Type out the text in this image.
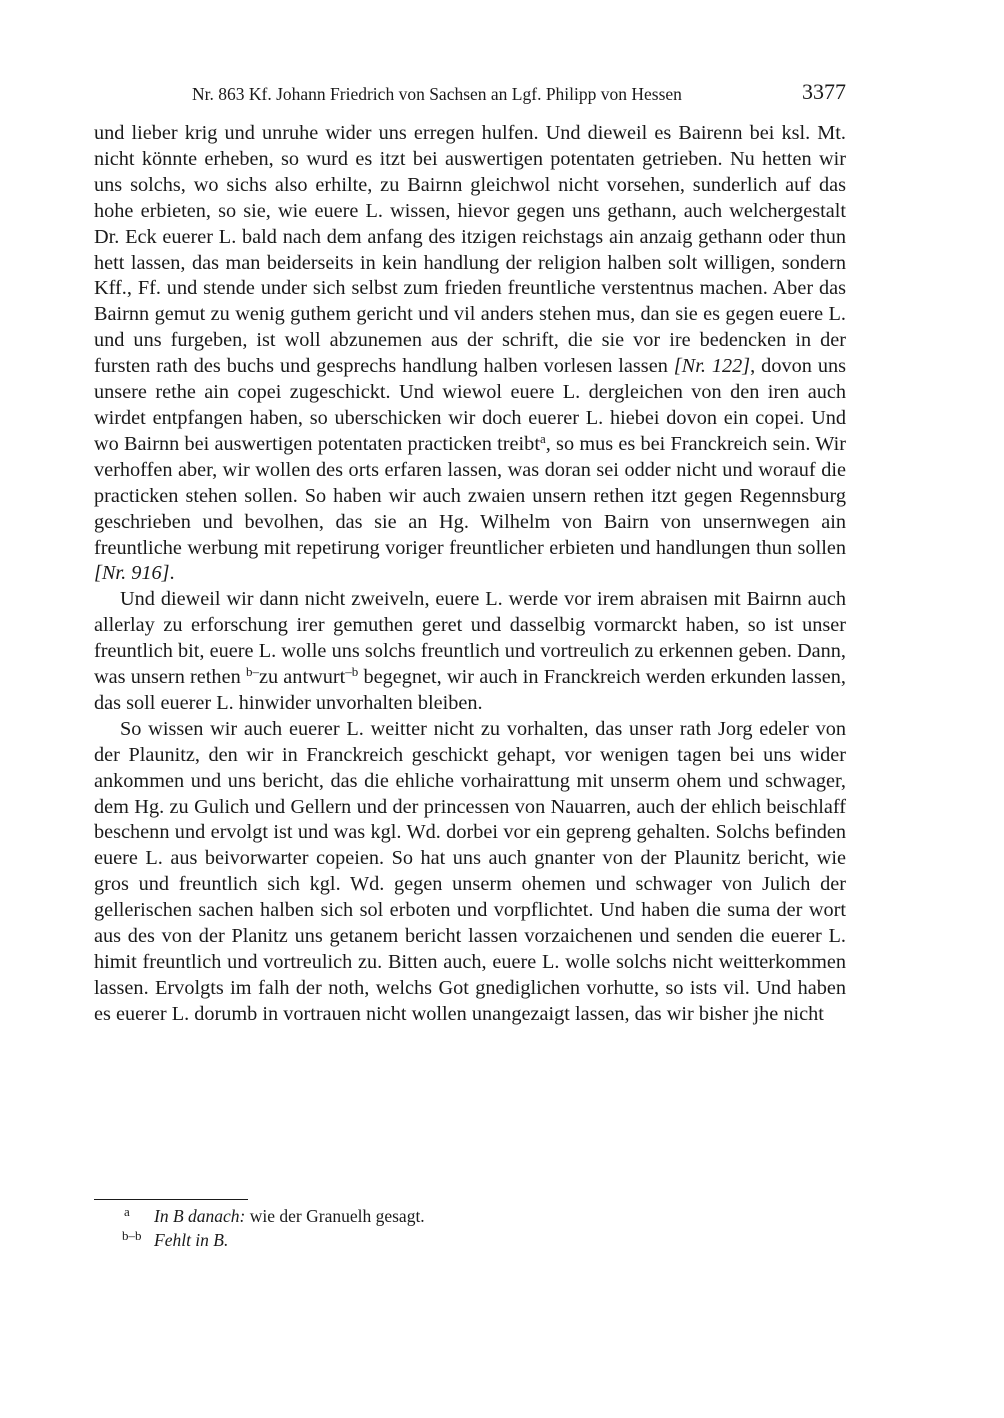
Nr. 863 Kf. Johann Friedrich von Sachsen an Lgf. Philipp von Hessen	3377

und lieber krig und unruhe wider uns erregen hulfen. Und dieweil es Bairenn bei ksl. Mt. nicht könnte erheben, so wurd es itzt bei auswertigen potentaten getrieben. Nu hetten wir uns solchs, wo sichs also erhilte, zu Bairnn gleichwol nicht vorsehen, sunderlich auf das hohe erbieten, so sie, wie euere L. wissen, hievor gegen uns gethann, auch welchergestalt Dr. Eck euerer L. bald nach dem anfang des itzigen reichstags ain anzaig gethann oder thun hett lassen, das man beiderseits in kein handlung der religion halben solt willigen, sondern Kff., Ff. und stende under sich selbst zum frieden freuntliche verstentnus machen. Aber das Bairnn gemut zu wenig guthem gericht und vil anders stehen mus, dan sie es gegen euere L. und uns furgeben, ist woll abzunemen aus der schrift, die sie vor ire bedencken in der fursten rath des buchs und gesprechs handlung halben vorlesen lassen [Nr. 122], dovon uns unsere rethe ain copei zugeschickt. Und wiewol euere L. dergleichen von den iren auch wirdet entpfangen haben, so uberschicken wir doch euerer L. hiebei dovon ein copei. Und wo Bairnn bei auswertigen potentaten practicken treibt$^a$, so mus es bei Franckreich sein. Wir verhoffen aber, wir wollen des orts erfaren lassen, was doran sei odder nicht und worauf die practicken stehen sollen. So haben wir auch zwaien unsern rethen itzt gegen Regennsburg geschrieben und bevolhen, das sie an Hg. Wilhelm von Bairn von unsernwegen ain freuntliche werbung mit repetirung voriger freuntlicher erbieten und handlungen thun sollen [Nr. 916].

Und dieweil wir dann nicht zweiveln, euere L. werde vor irem abraisen mit Bairnn auch allerlay zu erforschung irer gemuthen geret und dasselbig vormarckt haben, so ist unser freuntlich bit, euere L. wolle uns solchs freuntlich und vortreulich zu erkennen geben. Dann, was unsern rethen $^{b-}$zu antwurt$^{-b}$ begegnet, wir auch in Franckreich werden erkunden lassen, das soll euerer L. hinwider unvorhalten bleiben.

So wissen wir auch euerer L. weitter nicht zu vorhalten, das unser rath Jorg edeler von der Plaunitz, den wir in Franckreich geschickt gehapt, vor wenigen tagen bei uns wider ankommen und uns bericht, das die ehliche vorhairattung mit unserm ohem und schwager, dem Hg. zu Gulich und Gellern und der princessen von Nauarren, auch der ehlich beischlaff beschenn und ervolgt ist und was kgl. Wd. dorbei vor ein gepreng gehalten. Solchs befinden euere L. aus beivorwarter copeien. So hat uns auch gnanter von der Plaunitz bericht, wie gros und freuntlich sich kgl. Wd. gegen unserm ohemen und schwager von Julich der gellerischen sachen halben sich sol erboten und vorpflichtet. Und haben die suma der wort aus des von der Planitz uns getanem bericht lassen vorzaichenen und senden die euerer L. himit freuntlich und vortreulich zu. Bitten auch, euere L. wolle solchs nicht weitterkommen lassen. Ervolgts im falh der noth, welchs Got gnediglichen vorhutte, so ists vil. Und haben es euerer L. dorumb in vortrauen nicht wollen unangezaigt lassen, das wir bisher jhe nicht

a In B danach: wie der Granuelh gesagt.
b–b Fehlt in B.
